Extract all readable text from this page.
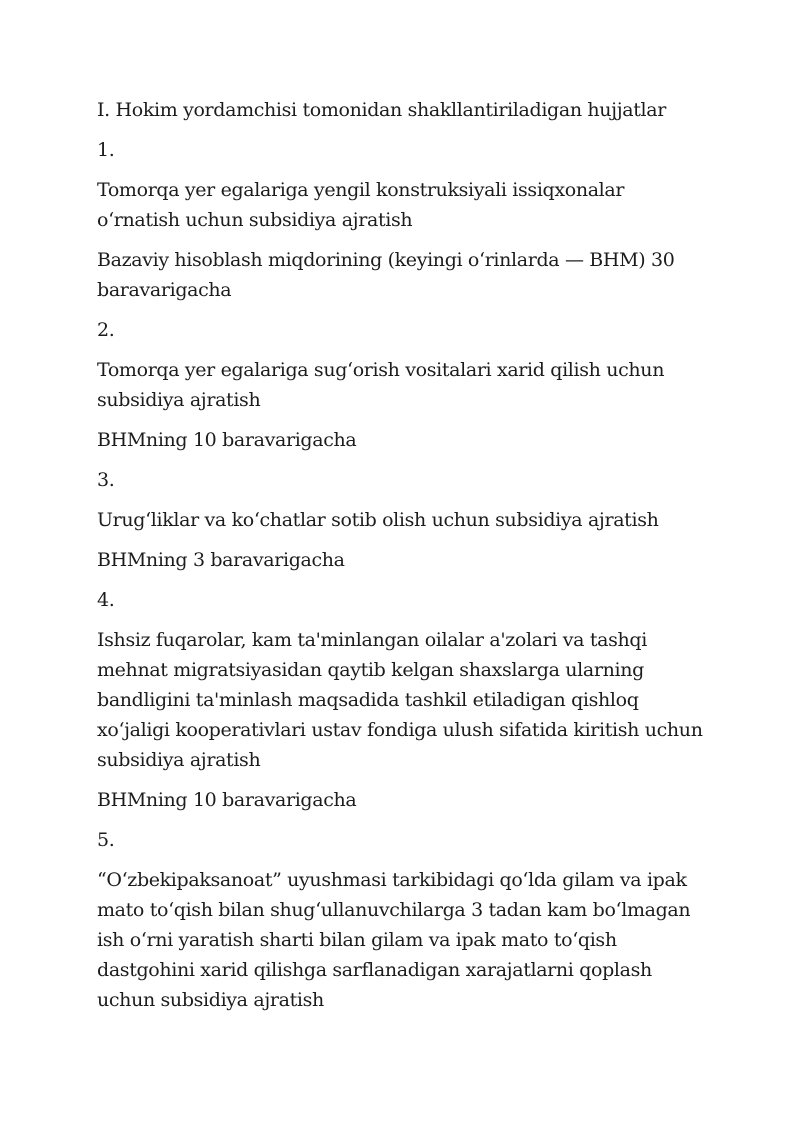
I. Hokim yordamchisi tomonidan shakllantiriladigan hujjatlar

1.

Tomorqa yer egalariga yengil konstruksiyali issiqxonalar oʻrnatish uchun subsidiya ajratish

Bazaviy hisoblash miqdorining (keyingi oʻrinlarda — BHM) 30 baravarigacha

2.

Tomorqa yer egalariga sugʻorish vositalari xarid qilish uchun subsidiya ajratish

BHMning 10 baravarigacha

3.

Urugʻliklar va koʻchatlar sotib olish uchun subsidiya ajratish

BHMning 3 baravarigacha

4.

Ishsiz fuqarolar, kam ta'minlangan oilalar a'zolari va tashqi mehnat migratsiyasidan qaytib kelgan shaxslarga ularning bandligini ta'minlash maqsadida tashkil etiladigan qishloq xoʻjaligi kooperativlari ustav fondiga ulush sifatida kiritish uchun subsidiya ajratish

BHMning 10 baravarigacha

5.

“Oʻzbekipaksanoat” uyushmasi tarkibidagi qoʻlda gilam va ipak mato toʻqish bilan shugʻullanuvchilarga 3 tadan kam boʻlmagan ish oʻrni yaratish sharti bilan gilam va ipak mato toʻqish dastgohini xarid qilishga sarflanadigan xarajatlarni qoplash uchun subsidiya ajratish
